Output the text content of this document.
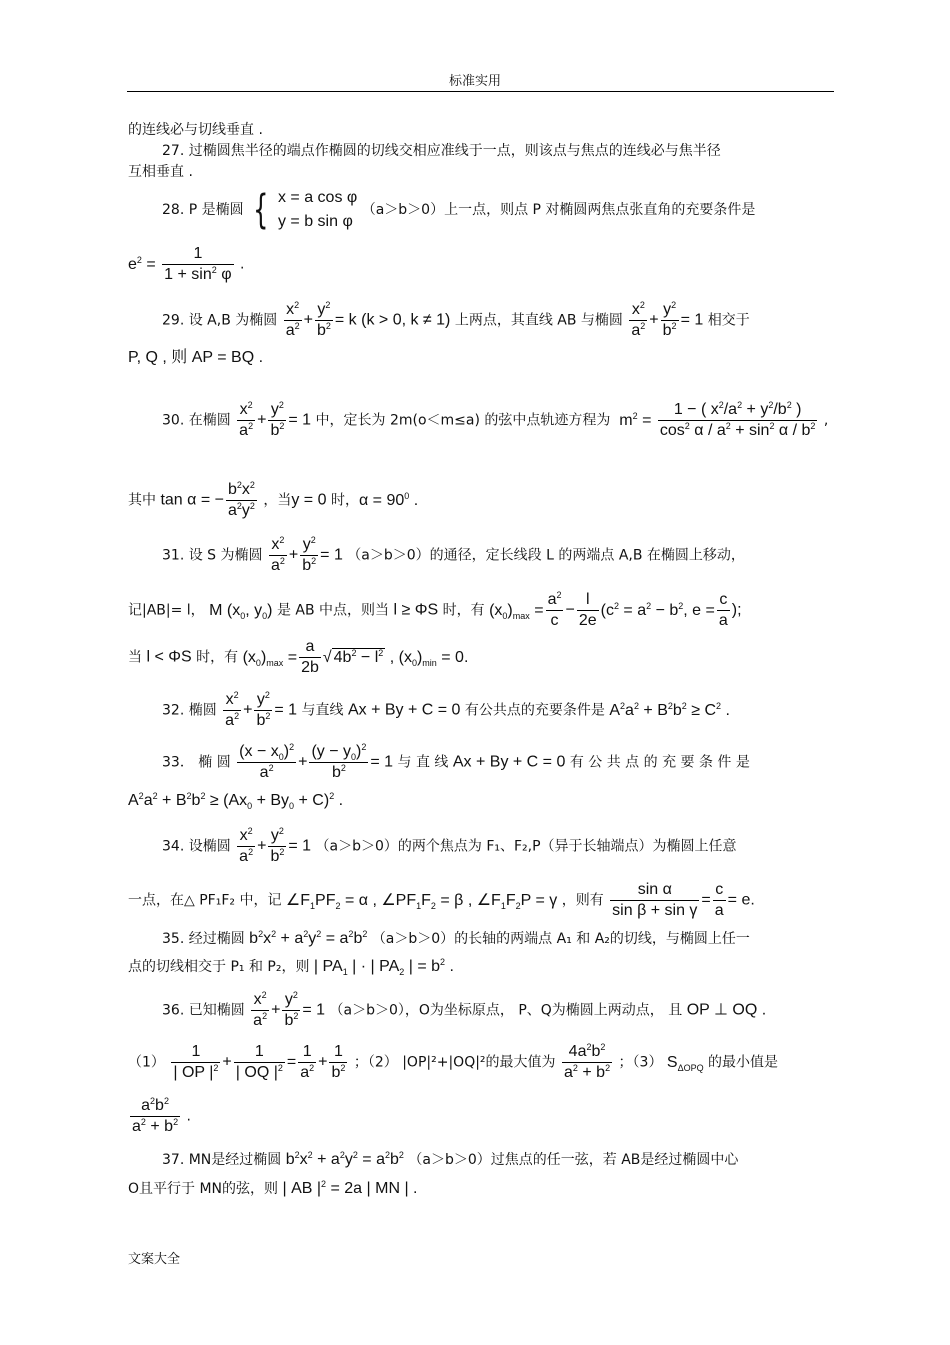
标准实用
的连线必与切线垂直 .
27. 过椭圆焦半径的端点作椭圆的切线交相应准线于一点，则该点与焦点的连线必与焦半径
互相垂直 .
28. P 是椭圆 { x = a cos φ
y = b sin φ （a＞b＞0）上一点，则点 P 对椭圆两焦点张直角的充要条件是
$e^2 = \frac{1}{1 + \sin^2 \varphi}$ .
29. 设 A,B 为椭圆 $\frac{x^2}{a^2} + \frac{y^2}{b^2} = k$ (k > 0, k ≠ 1) 上两点，其直线 AB 与椭圆 $\frac{x^2}{a^2} + \frac{y^2}{b^2} = 1$ 相交于
P, Q , 则 AP = BQ .
30. 在椭圆 $\frac{x^2}{a^2} + \frac{y^2}{b^2} = 1$ 中，定长为 2m(o＜m≤a) 的弦中点轨迹方程为  $m^2 = \frac{1 - ( x^2/a^2 + y^2/b^2 )}{\cos^2 \alpha / a^2 + \sin^2 \alpha / b^2}$ ,
其中 tan α = − $\frac{b^2x^2}{a^2y^2}$ ，当y = 0 时，$\alpha = 90^0$ .
31. 设 S 为椭圆 $\frac{x^2}{a^2} + \frac{y^2}{b^2} = 1$ （a＞b＞0）的通径，定长线段 L 的两端点 A,B 在椭圆上移动，
记|AB|= l， M ($x_0$, $y_0$) 是 AB 中点，则当 l ≥ ΦS 时，有 $(x_0)_{max} = \frac{a^2}{c} - \frac{l}{2e} (c^2 = a^2 - b^2$, $e = \frac{c}{a}$ );
当 l < ΦS 时，有 $(x_0)_{max} = \frac{a}{2b}$ √ $4b^2 - l^2$ , $(x_0)_{min} = 0$.
32. 椭圆 $\frac{x^2}{a^2} + \frac{y^2}{b^2} = 1$ 与直线 Ax + By + C = 0 有公共点的充要条件是 $A^2a^2 + B^2b^2 \ge C^2$ .
33． 椭 圆 $\frac{(x - x_0)^2}{a^2} + \frac{(y - y_0)^2}{b^2} = 1$ 与 直 线 Ax + By + C = 0 有 公 共 点 的 充 要 条 件 是
$A^2a^2 + B^2b^2 \ge (Ax_0 + By_0 + C)^2$ .
34. 设椭圆 $\frac{x^2}{a^2} + \frac{y^2}{b^2} = 1$ （a＞b＞0）的两个焦点为 F₁、F₂,P（异于长轴端点）为椭圆上任意
一点，在△ PF₁F₂ 中，记 $\angle F_1PF_2 = \alpha$ , $\angle PF_1F_2 = \beta$ , $\angle F_1F_2P = \gamma$ ，则有 $\frac{\text{sin α}}{\text{sin β + sin γ}} = \frac{c}{a} = e$.
35. 经过椭圆 $b^2x^2 + a^2y^2 = a^2b^2$ （a＞b＞0）的长轴的两端点 A₁ 和 A₂的切线，与椭圆上任一
点的切线相交于 P₁ 和 P₂，则 | $PA_1$ | · | $PA_2$ | = $b^2$ .
36. 已知椭圆 $\frac{x^2}{a^2} + \frac{y^2}{b^2} = 1$ （a＞b＞0），O为坐标原点， P、Q为椭圆上两动点， 且 OP ⊥ OQ .
$(1) \frac{1}{| OP |^2} + \frac{1}{| OQ |^2} = \frac{1}{a^2} + \frac{1}{b^2}$ ；（2） |OP|²+|OQ|²的最大值为 $\frac{4a^2b^2}{a^2 + b^2}$ ；（3） $S_{\Delta OPQ}$ 的最小值是
$\frac{a^2b^2}{a^2 + b^2}$ .
37. MN是经过椭圆 $b^2x^2 + a^2y^2 = a^2b^2$ （a＞b＞0）过焦点的任一弦，若 AB是经过椭圆中心
O且平行于 MN的弦，则 | AB $|^2 = 2a$ | MN | .
文案大全
